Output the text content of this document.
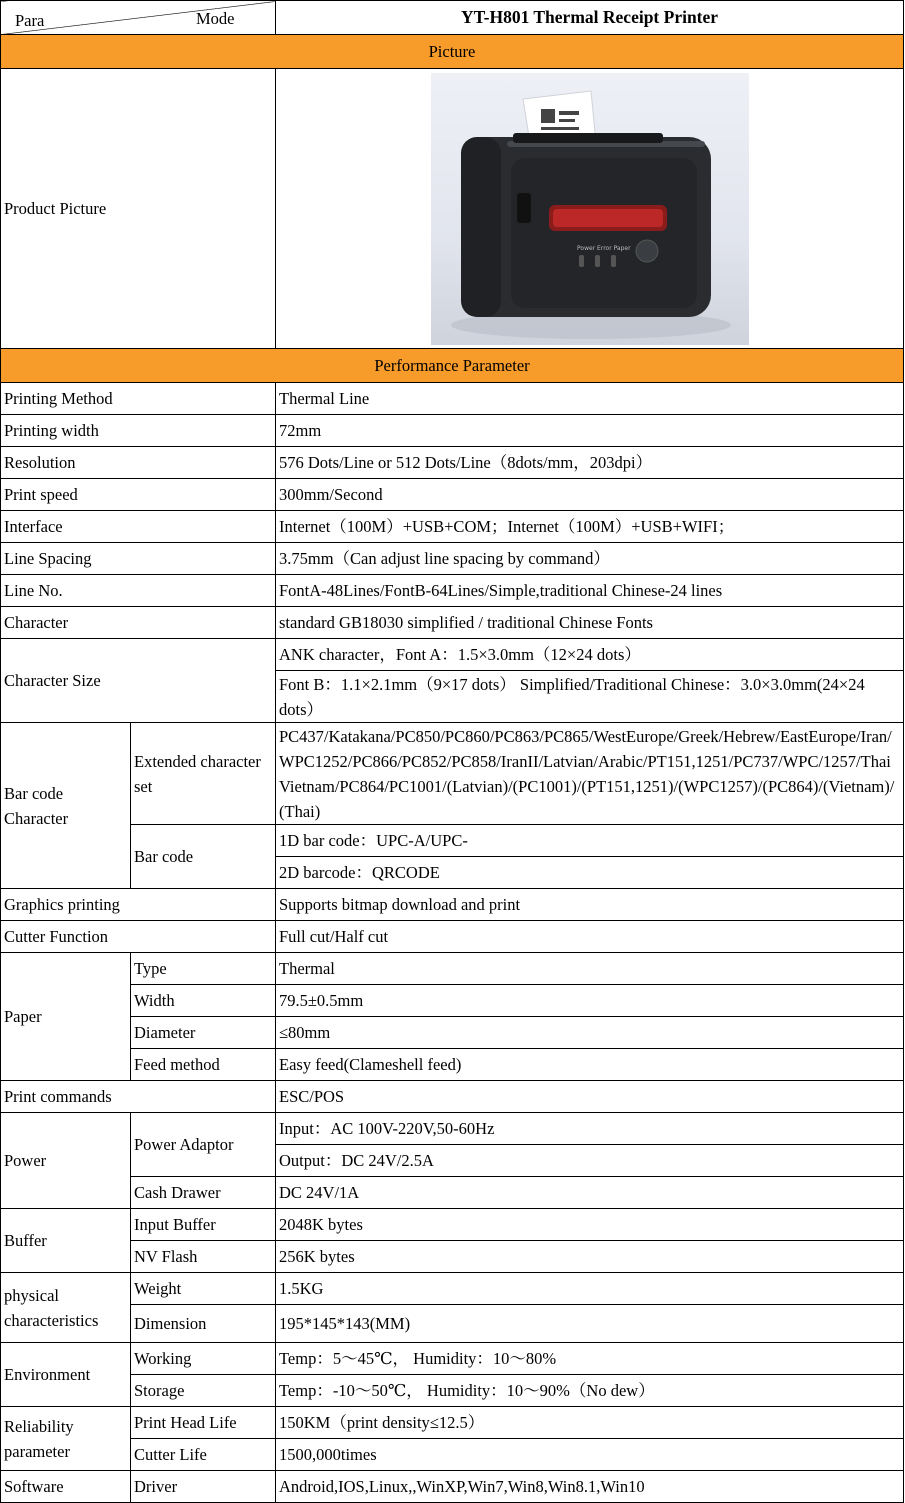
Para Mode		YT-H801 Thermal Receipt Printer
Picture		
Product Picture		Power Error Paper

Performance Parameter		
Printing Method		Thermal Line
Printing width		72mm
Resolution		576 Dots/Line or 512 Dots/Line（8dots/mm，203dpi）
Print speed		300mm/Second
Interface		Internet（100M）+USB+COM；Internet（100M）+USB+WIFI；
Line Spacing		3.75mm（Can adjust line spacing by command）
Line No.		FontA-48Lines/FontB-64Lines/Simple,traditional Chinese-24 lines
Character		standard GB18030 simplified / traditional Chinese Fonts
Character Size		ANK character，Font A：1.5×3.0mm（12×24 dots）
		Font B：1.1×2.1mm（9×17 dots） Simplified/Traditional Chinese：3.0×3.0mm(24×24 dots）
Bar code Character	Extended character set	PC437/Katakana/PC850/PC860/PC863/PC865/WestEurope/Greek/Hebrew/EastEurope/Iran/WPC1252/PC866/PC852/PC858/IranII/Latvian/Arabic/PT151,1251/PC737/WPC/1257/ThaiVietnam/PC864/PC1001/(Latvian)/(PC1001)/(PT151,1251)/(WPC1257)/(PC864)/(Vietnam)/(Thai)
	Bar code	1D bar code：UPC-A/UPC-
		2D barcode：QRCODE
Graphics printing		Supports bitmap download and print
Cutter Function		Full cut/Half cut
Paper	Type	Thermal
	Width	79.5±0.5mm
	Diameter	≤80mm
	Feed method	Easy feed(Clameshell feed)
Print commands		ESC/POS
Power	Power Adaptor	Input：AC 100V-220V,50-60Hz
		Output：DC 24V/2.5A
	Cash Drawer	DC 24V/1A
Buffer	Input Buffer	2048K bytes
	NV Flash	256K bytes
physical characteristics	Weight	1.5KG
	Dimension	195*145*143(MM)
Environment	Working	Temp：5～45℃， Humidity：10～80%
	Storage	Temp：-10～50℃， Humidity：10～90%（No dew）
Reliability parameter	Print Head Life	150KM（print density≤12.5）
	Cutter Life	1500,000times
Software	Driver	Android,IOS,Linux,,WinXP,Win7,Win8,Win8.1,Win10
